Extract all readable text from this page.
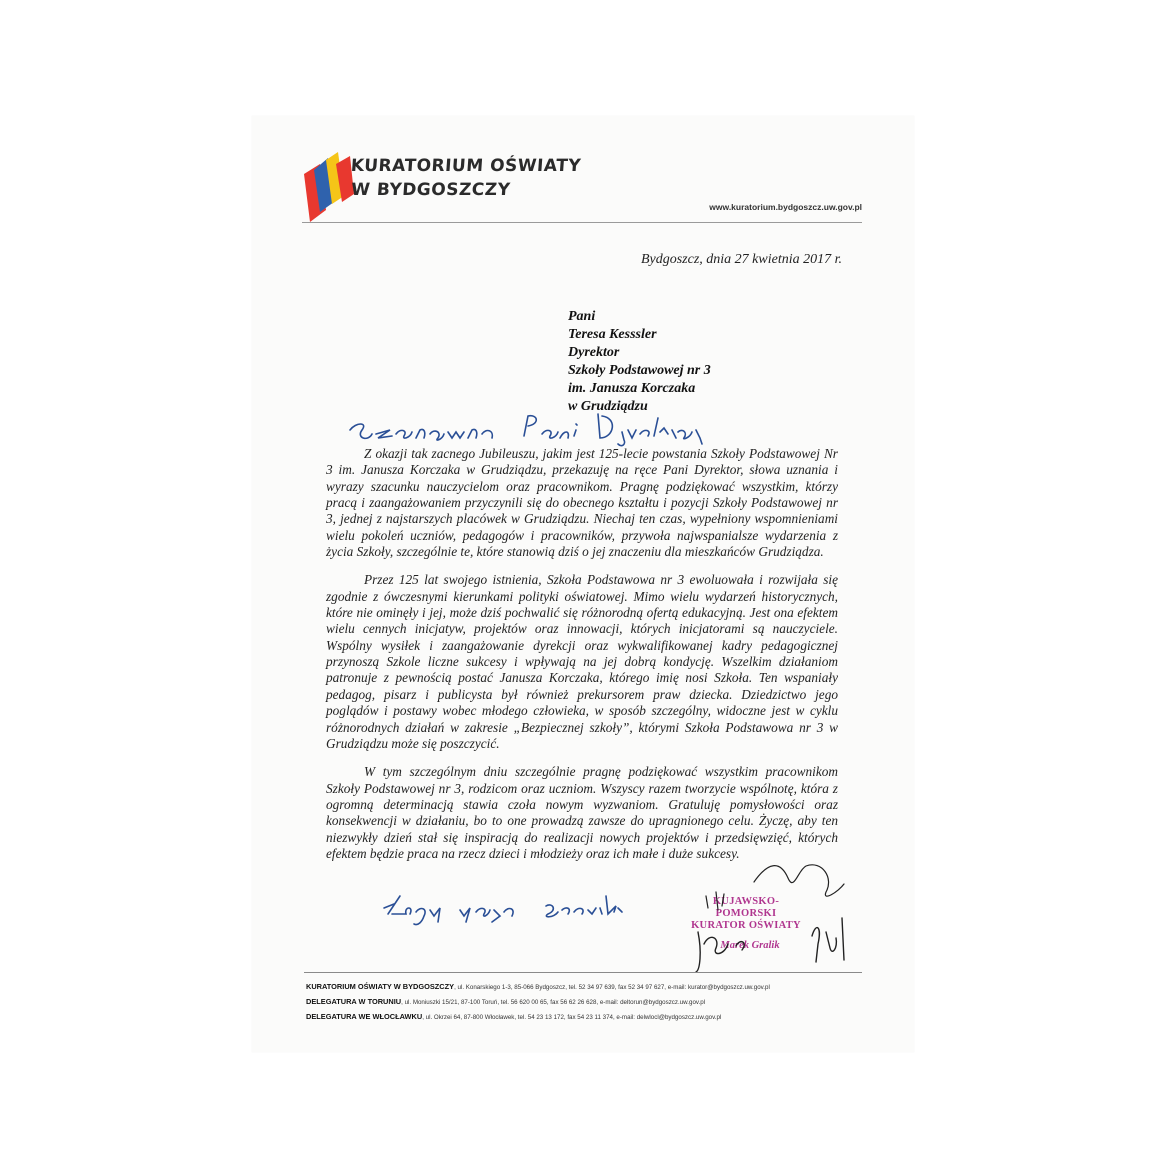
KURATORIUM OŚWIATY
W BYDGOSZCZY
www.kuratorium.bydgoszcz.uw.gov.pl
Bydgoszcz, dnia 27 kwietnia 2017 r.
Pani
Teresa Kesssler
Dyrektor
Szkoły Podstawowej nr 3
im. Janusza Korczaka
w Grudziądzu
Szanowna Pani Dyrektor,

Z okazji tak zacnego Jubileuszu, jakim jest 125-lecie powstania Szkoły Podstawowej Nr 3 im. Janusza Korczaka w Grudziądzu, przekazuję na ręce Pani Dyrektor, słowa uznania i wyrazy szacunku nauczycielom oraz pracownikom. Pragnę podziękować wszystkim, którzy pracą i zaangażowaniem przyczynili się do obecnego kształtu i pozycji Szkoły Podstawowej nr 3, jednej z najstarszych placówek w Grudziądzu. Niechaj ten czas, wypełniony wspomnieniami wielu pokoleń uczniów, pedagogów i pracowników, przywoła najwspanialsze wydarzenia z życia Szkoły, szczególnie te, które stanowią dziś o jej znaczeniu dla mieszkańców Grudziądza.

Przez 125 lat swojego istnienia, Szkoła Podstawowa nr 3 ewoluowała i rozwijała się zgodnie z ówczesnymi kierunkami polityki oświatowej. Mimo wielu wydarzeń historycznych, które nie ominęły i jej, może dziś pochwalić się różnorodną ofertą edukacyjną. Jest ona efektem wielu cennych inicjatyw, projektów oraz innowacji, których inicjatorami są nauczyciele. Wspólny wysiłek i zaangażowanie dyrekcji oraz wykwalifikowanej kadry pedagogicznej przynoszą Szkole liczne sukcesy i wpływają na jej dobrą kondycję. Wszelkim działaniom patronuje z pewnością postać Janusza Korczaka, którego imię nosi Szkoła. Ten wspaniały pedagog, pisarz i publicysta był również prekursorem praw dziecka. Dziedzictwo jego poglądów i postawy wobec młodego człowieka, w sposób szczególny, widoczne jest w cyklu różnorodnych działań w zakresie „Bezpiecznej szkoły”, którymi Szkoła Podstawowa nr 3 w Grudziądzu może się poszczycić.

W tym szczególnym dniu szczególnie pragnę podziękować wszystkim pracownikom Szkoły Podstawowej nr 3, rodzicom oraz uczniom. Wszyscy razem tworzycie wspólnotę, która z ogromną determinacją stawia czoła nowym wyzwaniom. Gratuluję pomysłowości oraz konsekwencji w działaniu, bo to one prowadzą zawsze do upragnionego celu. Życzę, aby ten niezwykły dzień stał się inspiracją do realizacji nowych projektów i przedsięwzięć, których efektem będzie praca na rzecz dzieci i młodzieży oraz ich małe i duże sukcesy.

Łączę wyrazy szacunku
KUJAWSKO-POMORSKI
KURATOR OŚWIATY
Marek Gralik
KURATORIUM OŚWIATY W BYDGOSZCZY, ul. Konarskiego 1-3, 85-066 Bydgoszcz, tel. 52 34 97 639, fax 52 34 97 627, e-mail: kurator@bydgoszcz.uw.gov.pl
DELEGATURA W TORUNIU, ul. Moniuszki 15/21, 87-100 Toruń, tel. 56 620 00 65, fax 56 62 26 628, e-mail: deltorun@bydgoszcz.uw.gov.pl
DELEGATURA WE WŁOCŁAWKU, ul. Okrzei 64, 87-800 Włocławek, tel. 54 23 13 172, fax 54 23 11 374, e-mail: delwlocl@bydgoszcz.uw.gov.pl
